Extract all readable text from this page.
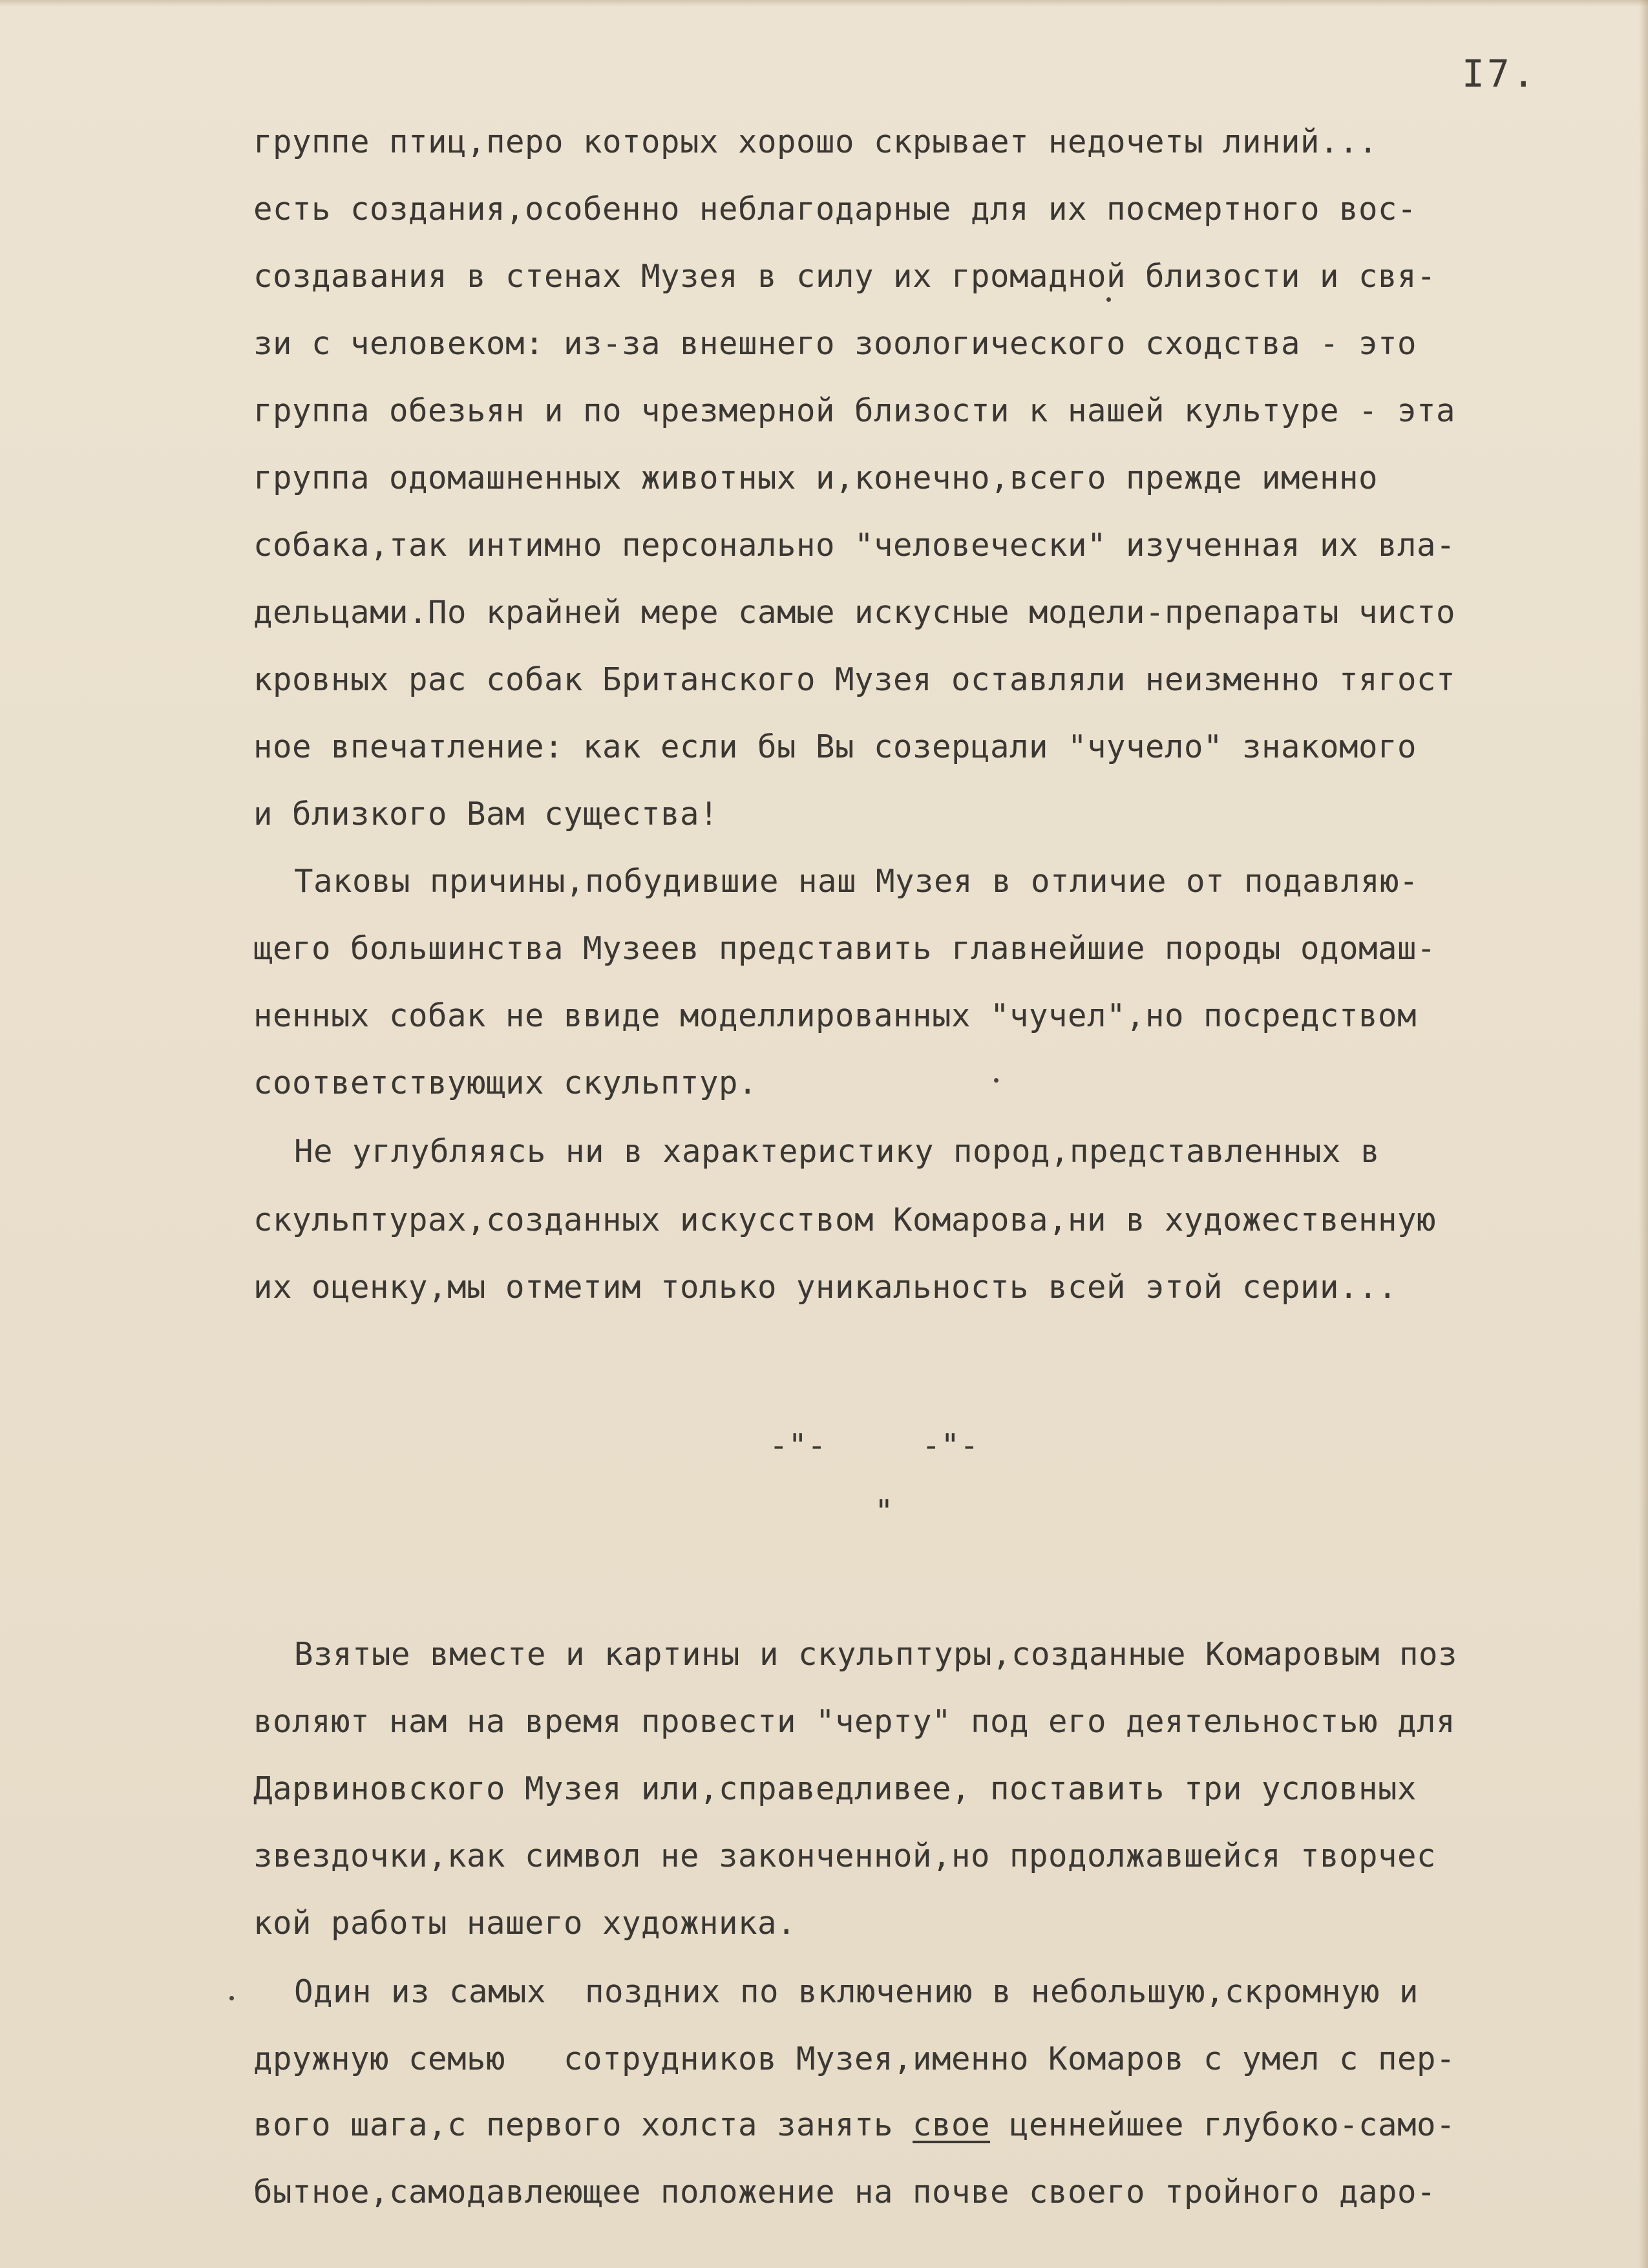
I7.
группе птиц,перо которых хорошо скрывает недочеты линий...
есть создания,особенно неблагодарные для их посмертного вос-
создавания в стенах Музея в силу их громадной близости и свя-
зи с человеком: из-за внешнего зоологического сходства - это
группа обезьян и по чрезмерной близости к нашей культуре - эта
группа одомашненных животных и,конечно,всего прежде именно
собака,так интимно персонально "человечески" изученная их вла-
дельцами.По крайней мере самые искусные модели-препараты чисто
кровных рас собак Британского Музея оставляли неизменно тягост
ное впечатление: как если бы Вы созерцали "чучело" знакомого
и близкого Вам существа!
Таковы причины,побудившие наш Музея в отличие от подавляю-
щего большинства Музеев представить главнейшие породы одомаш-
ненных собак не ввиде моделлированных "чучел",но посредством
соответствующих скульптур.
Не углубляясь ни в характеристику пород,представленных в
скульптурах,созданных искусством Комарова,ни в художественную
их оценку,мы отметим только уникальность всей этой серии...
-"-     -"-
"
Взятые вместе и картины и скульптуры,созданные Комаровым поз
воляют нам на время провести "черту" под его деятельностью для
Дарвиновского Музея или,справедливее, поставить три условных
звездочки,как символ не законченной,но продолжавшейся творчес
кой работы нашего художника.
Один из самых  поздних по включению в небольшую,скромную и
дружную семью   сотрудников Музея,именно Комаров с умел с пер-
вого шага,с первого холста занять свое ценнейшее глубоко-само-
бытное,самодавлеющее положение на почве своего тройного даро-
